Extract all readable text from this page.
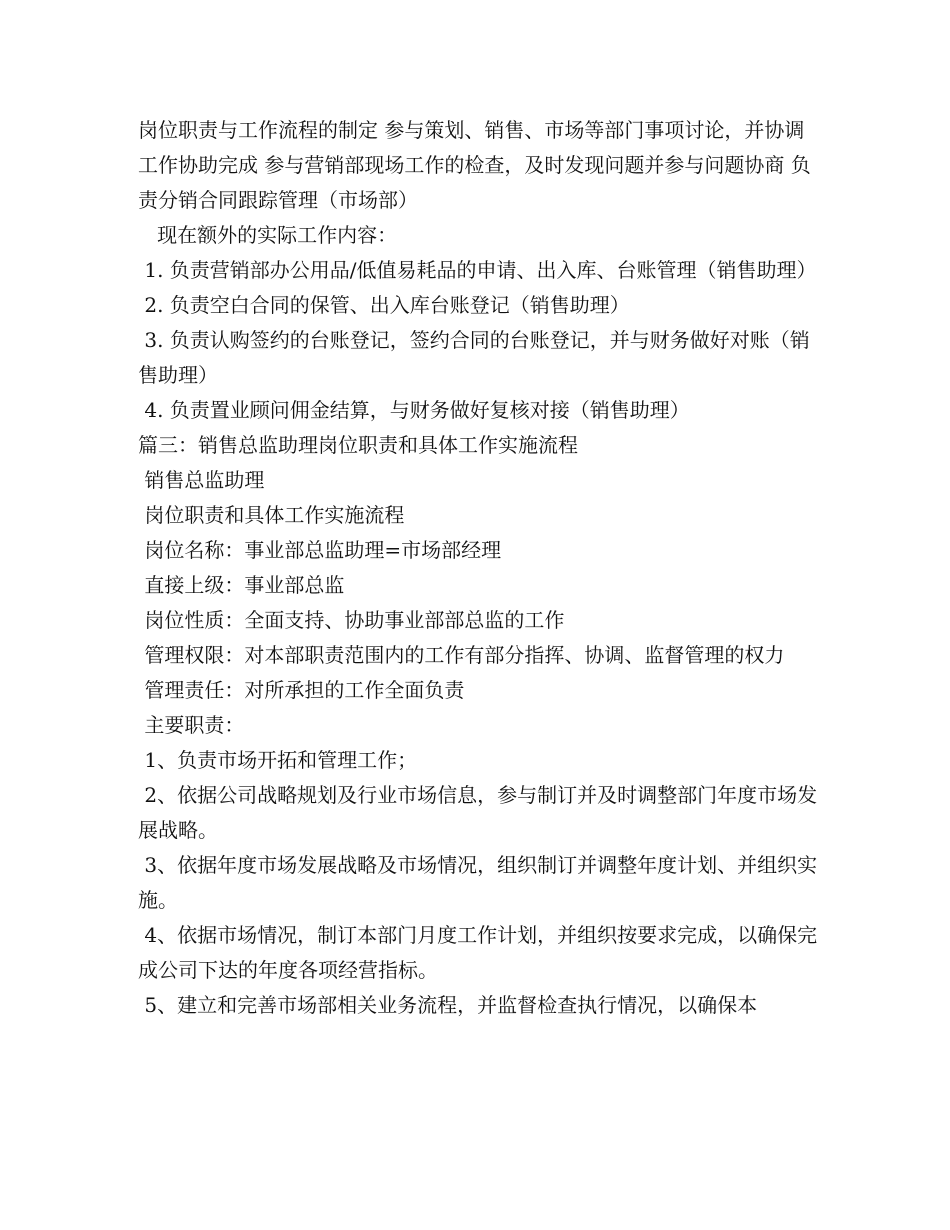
岗位职责与工作流程的制定 参与策划、销售、市场等部门事项讨论，并协调工作协助完成 参与营销部现场工作的检查，及时发现问题并参与问题协商 负责分销合同跟踪管理（市场部）

现在额外的实际工作内容：

1. 负责营销部办公用品/低值易耗品的申请、出入库、台账管理（销售助理）

2. 负责空白合同的保管、出入库台账登记（销售助理）

3. 负责认购签约的台账登记，签约合同的台账登记，并与财务做好对账（销售助理）

4. 负责置业顾问佣金结算，与财务做好复核对接（销售助理）

篇三：销售总监助理岗位职责和具体工作实施流程

销售总监助理

岗位职责和具体工作实施流程

岗位名称：事业部总监助理=市场部经理

直接上级：事业部总监

岗位性质：全面支持、协助事业部部总监的工作

管理权限：对本部职责范围内的工作有部分指挥、协调、监督管理的权力

管理责任：对所承担的工作全面负责

主要职责：

1、负责市场开拓和管理工作；

2、依据公司战略规划及行业市场信息，参与制订并及时调整部门年度市场发展战略。

3、依据年度市场发展战略及市场情况，组织制订并调整年度计划、并组织实施。

4、依据市场情况，制订本部门月度工作计划，并组织按要求完成，以确保完成公司下达的年度各项经营指标。

5、建立和完善市场部相关业务流程，并监督检查执行情况，以确保本
